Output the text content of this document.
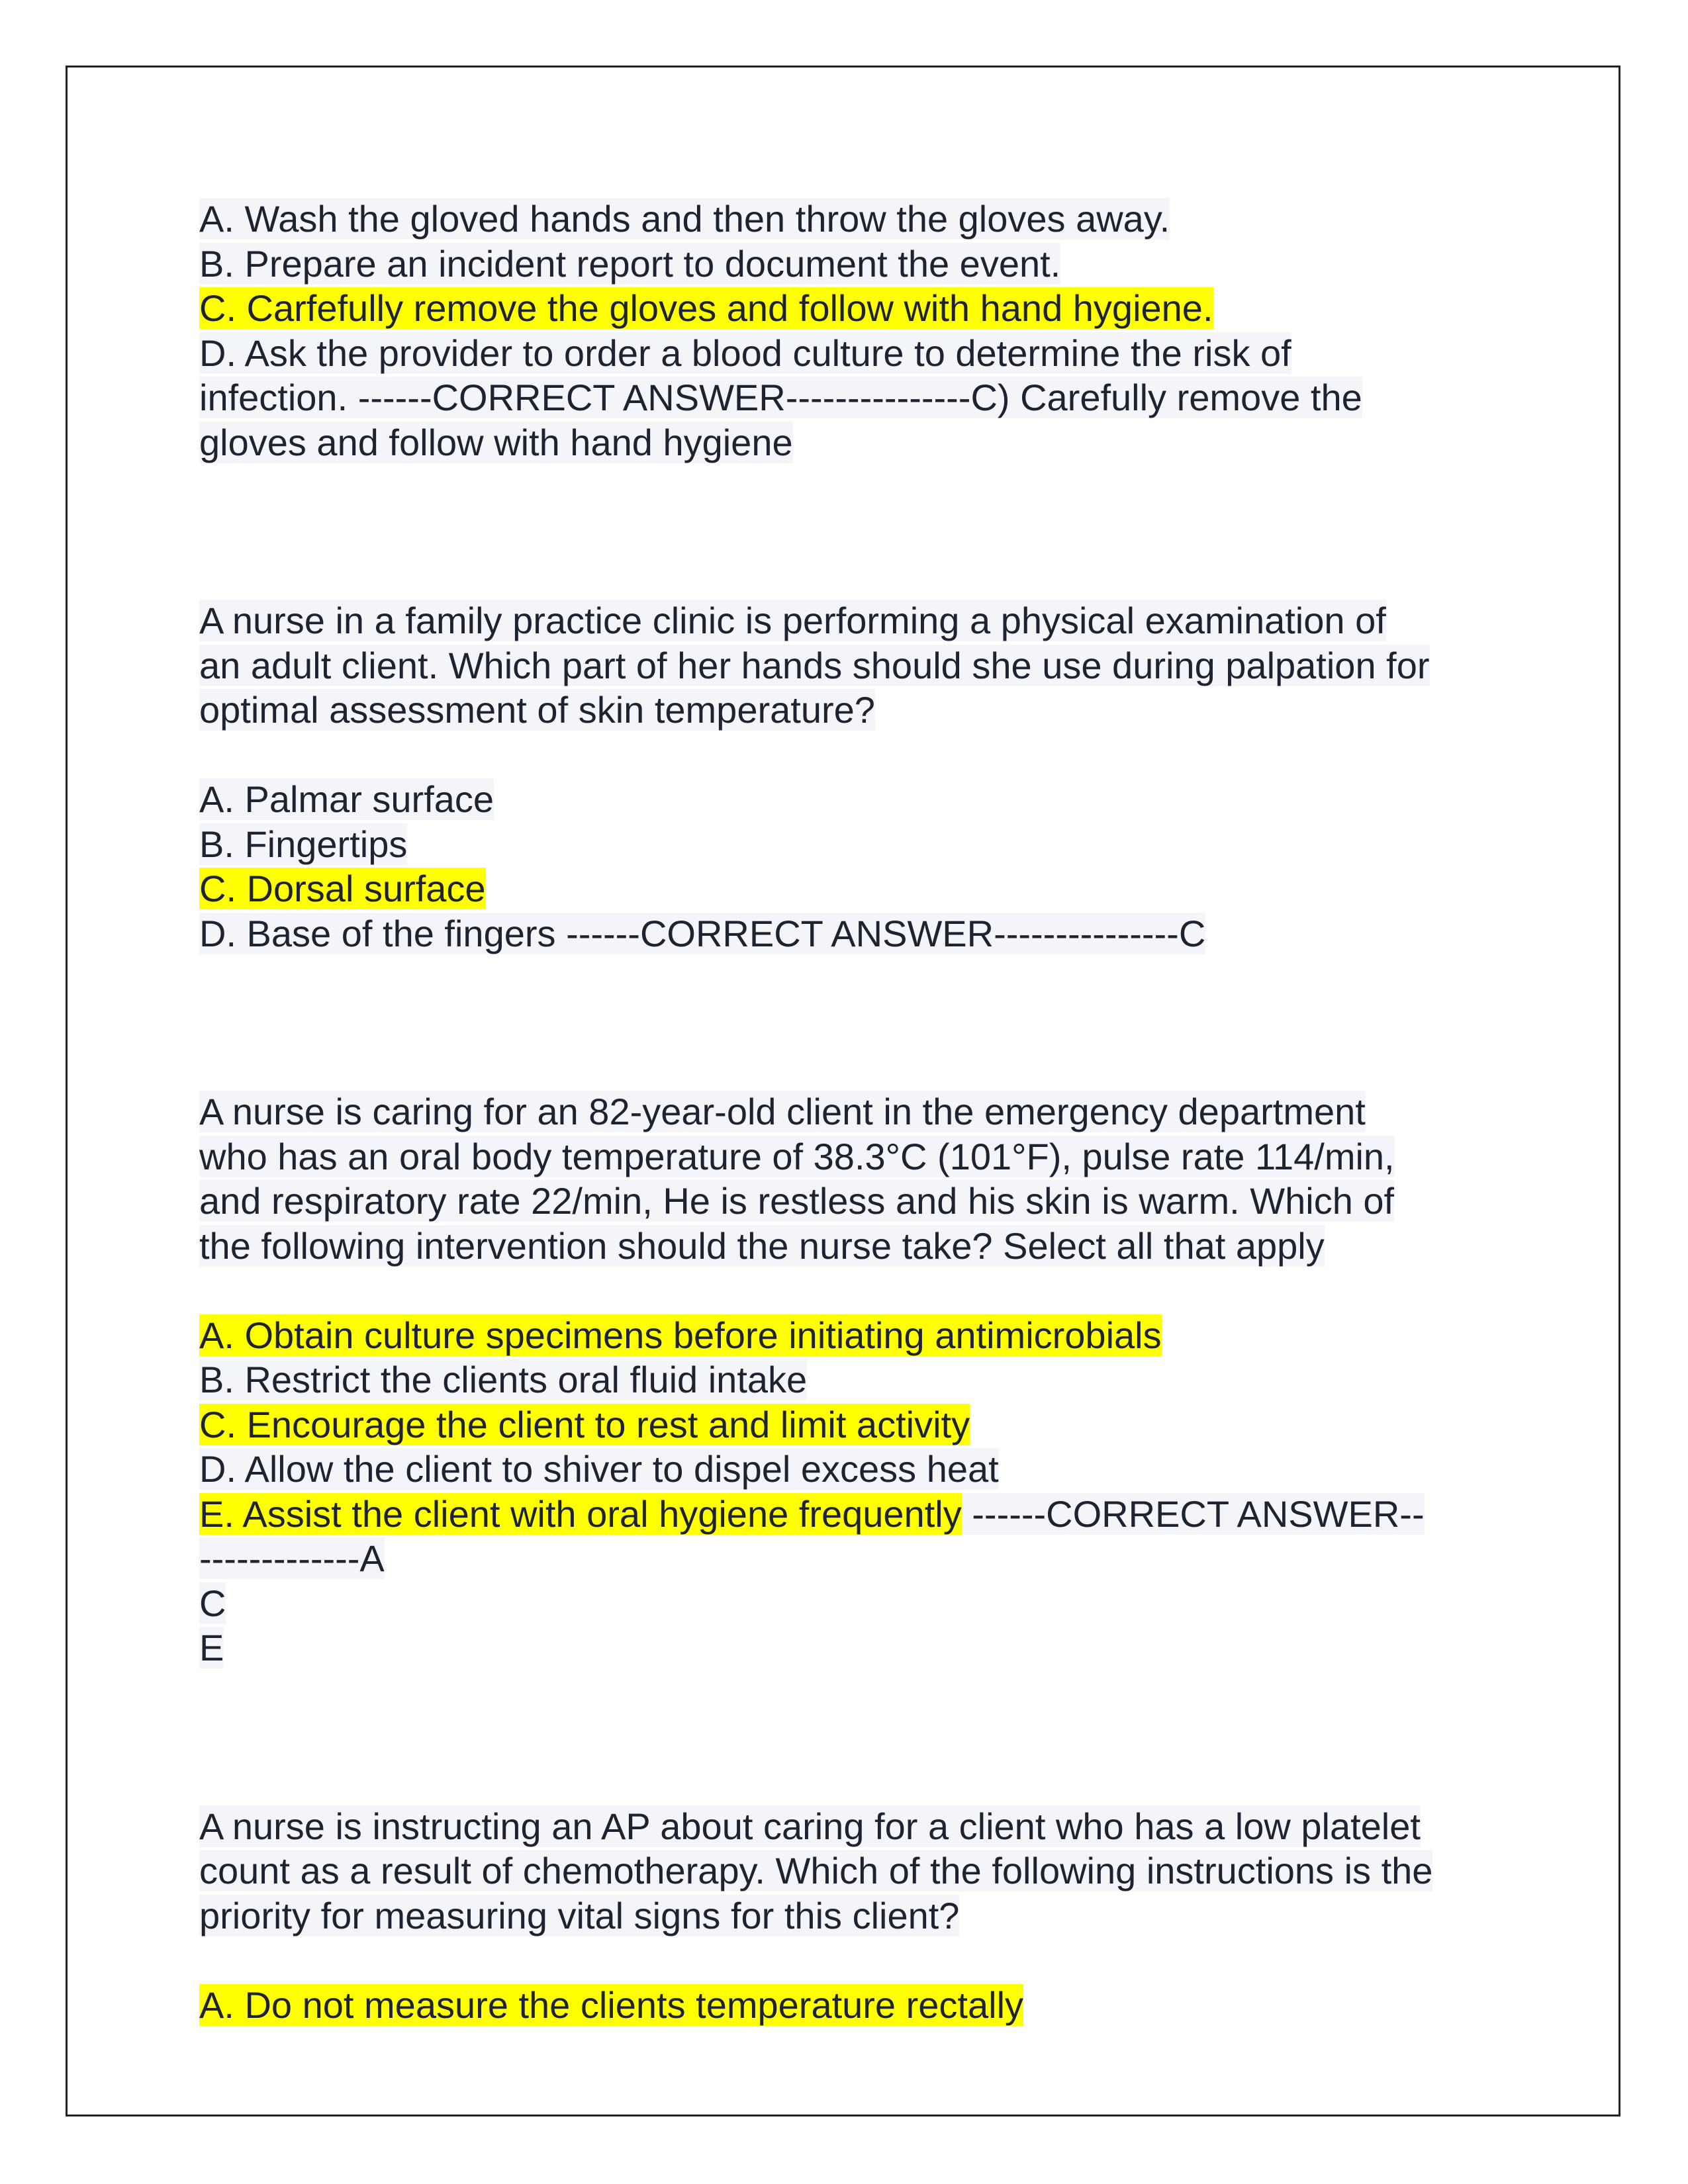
A. Wash the gloved hands and then throw the gloves away.
B. Prepare an incident report to document the event.
C. Carfefully remove the gloves and follow with hand hygiene.
D. Ask the provider to order a blood culture to determine the risk of
infection. ------CORRECT ANSWER---------------C) Carefully remove the
gloves and follow with hand hygiene
A nurse in a family practice clinic is performing a physical examination of
an adult client. Which part of her hands should she use during palpation for
optimal assessment of skin temperature?
A. Palmar surface
B. Fingertips
C. Dorsal surface
D. Base of the fingers ------CORRECT ANSWER---------------C
A nurse is caring for an 82-year-old client in the emergency department
who has an oral body temperature of 38.3°C (101°F), pulse rate 114/min,
and respiratory rate 22/min, He is restless and his skin is warm. Which of
the following intervention should the nurse take? Select all that apply
A. Obtain culture specimens before initiating antimicrobials
B. Restrict the clients oral fluid intake
C. Encourage the client to rest and limit activity
D. Allow the client to shiver to dispel excess heat
E. Assist the client with oral hygiene frequently ------CORRECT ANSWER--
-------------A
C
E
A nurse is instructing an AP about caring for a client who has a low platelet
count as a result of chemotherapy. Which of the following instructions is the
priority for measuring vital signs for this client?
A. Do not measure the clients temperature rectally
